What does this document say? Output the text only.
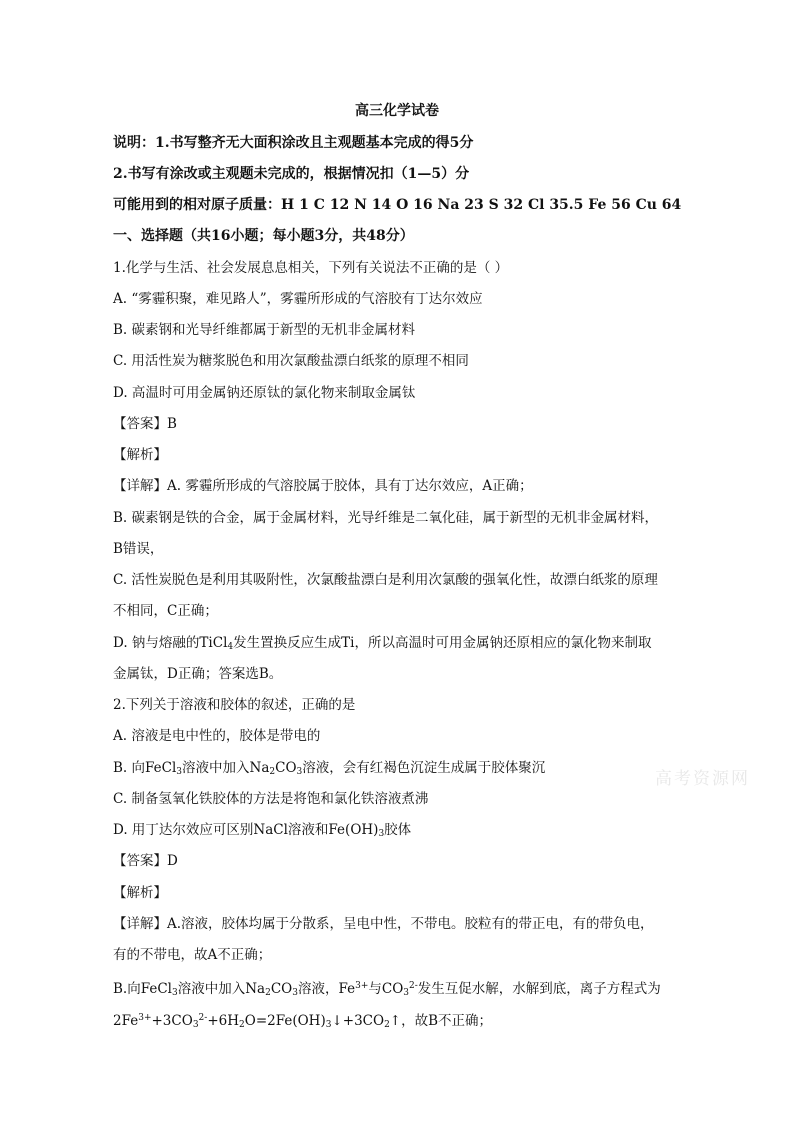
高三化学试卷
说明：1.书写整齐无大面积涂改且主观题基本完成的得5分
2.书写有涂改或主观题未完成的，根据情况扣（1—5）分
可能用到的相对原子质量：H 1 C 12 N 14 O 16 Na 23 S 32 Cl 35.5 Fe 56 Cu 64
一、选择题（共16小题；每小题3分，共48分）
1.化学与生活、社会发展息息相关，下列有关说法不正确的是（ ）
A. “雾霾积聚，难见路人”，雾霾所形成的气溶胶有丁达尔效应
B. 碳素钢和光导纤维都属于新型的无机非金属材料
C. 用活性炭为糖浆脱色和用次氯酸盐漂白纸浆的原理不相同
D. 高温时可用金属钠还原钛的氯化物来制取金属钛
【答案】B
【解析】
【详解】A. 雾霾所形成的气溶胶属于胶体，具有丁达尔效应，A正确；
B. 碳素钢是铁的合金，属于金属材料，光导纤维是二氧化硅，属于新型的无机非金属材料，
B错误，
C. 活性炭脱色是利用其吸附性，次氯酸盐漂白是利用次氯酸的强氧化性，故漂白纸浆的原理
不相同，C正确；
D. 钠与熔融的TiCl$_4$发生置换反应生成Ti，所以高温时可用金属钠还原相应的氯化物来制取
金属钛，D正确；答案选B。
2.下列关于溶液和胶体的叙述，正确的是
A. 溶液是电中性的，胶体是带电的
B. 向FeCl$_3$溶液中加入$Na_2CO_3$溶液，会有红褐色沉淀生成属于胶体聚沉
C. 制备氢氧化铁胶体的方法是将饱和氯化铁溶液煮沸
D. 用丁达尔效应可区别NaCl溶液和$Fe(OH)_3$胶体
【答案】D
【解析】
【详解】A.溶液，胶体均属于分散系，呈电中性，不带电。胶粒有的带正电，有的带负电，
有的不带电，故A不正确；
B.向FeCl$_3$溶液中加入$Na_2CO_3$溶液，$Fe^{3+}$与$CO_3^{2-}$发生互促水解，水解到底，离子方程式为
$2Fe^{3+}+3CO_3^{2-}+6H_2O=2Fe(OH)_3↓+3CO_2↑$，故B不正确；
高考资源网
